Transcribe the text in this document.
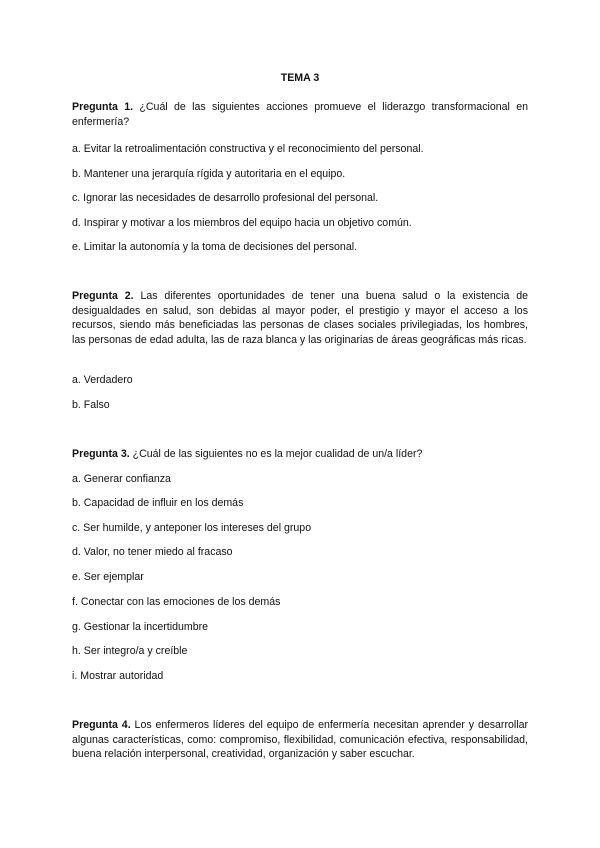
TEMA 3
Pregunta 1. ¿Cuál de las siguientes acciones promueve el liderazgo transformacional en enfermería?
a. Evitar la retroalimentación constructiva y el reconocimiento del personal.
b. Mantener una jerarquía rígida y autoritaria en el equipo.
c. Ignorar las necesidades de desarrollo profesional del personal.
d. Inspirar y motivar a los miembros del equipo hacia un objetivo común.
e. Limitar la autonomía y la toma de decisiones del personal.
Pregunta 2. Las diferentes oportunidades de tener una buena salud o la existencia de desigualdades en salud, son debidas al mayor poder, el prestigio y mayor el acceso a los recursos, siendo más beneficiadas las personas de clases sociales privilegiadas, los hombres, las personas de edad adulta, las de raza blanca y las originarias de áreas geográficas más ricas.
a. Verdadero
b. Falso
Pregunta 3. ¿Cuál de las siguientes no es la mejor cualidad de un/a líder?
a. Generar confianza
b. Capacidad de influir en los demás
c. Ser humilde, y anteponer los intereses del grupo
d. Valor, no tener miedo al fracaso
e. Ser ejemplar
f. Conectar con las emociones de los demás
g. Gestionar la incertidumbre
h. Ser integro/a y creíble
i. Mostrar autoridad
Pregunta 4. Los enfermeros líderes del equipo de enfermería necesitan aprender y desarrollar algunas características, como: compromiso, flexibilidad, comunicación efectiva, responsabilidad, buena relación interpersonal, creatividad, organización y saber escuchar.
